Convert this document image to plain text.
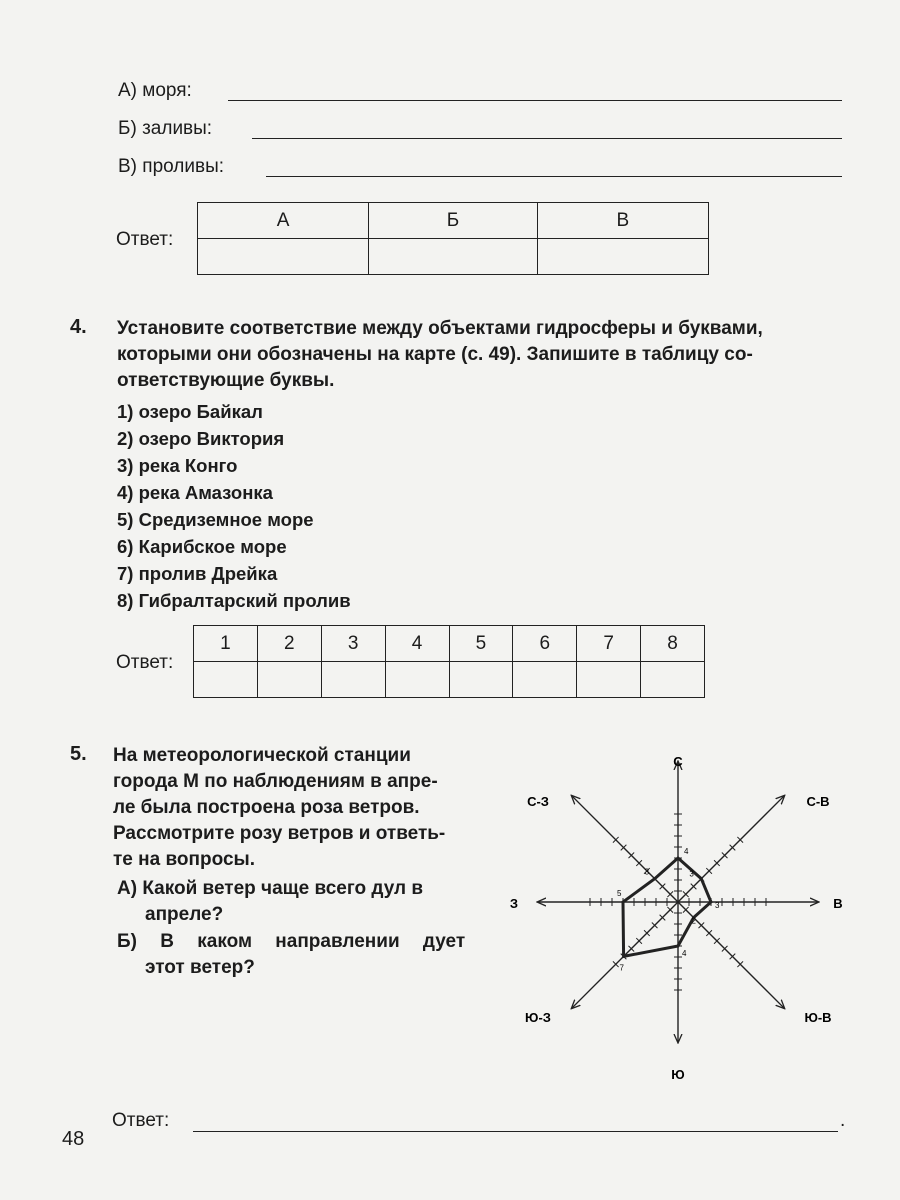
А) моря:
Б) заливы:
В) проливы:
Ответ:
А	Б	В

4. Установите соответствие между объектами гидросферы и буквами,
которыми они обозначены на карте (с. 49). Запишите в таблицу со-
ответствующие буквы.
1) озеро Байкал
2) озеро Виктория
3) река Конго
4) река Амазонка
5) Средиземное море
6) Карибское море
7) пролив Дрейка
8) Гибралтарский пролив
Ответ:
1	2	3	4	5	6	7	8

5. На метеорологической станции
города М по наблюдениям в апре-
ле была построена роза ветров.
Рассмотрите розу ветров и ответь-
те на вопросы.
А) Какой ветер чаще всего дул в
апреле?
Б) В каком направлении дует
этот ветер?
Ответ:	.
С
С-В
В
Ю-В
Ю
Ю-З
З
С-З
4
3
3
2
4
7
5
3
48
